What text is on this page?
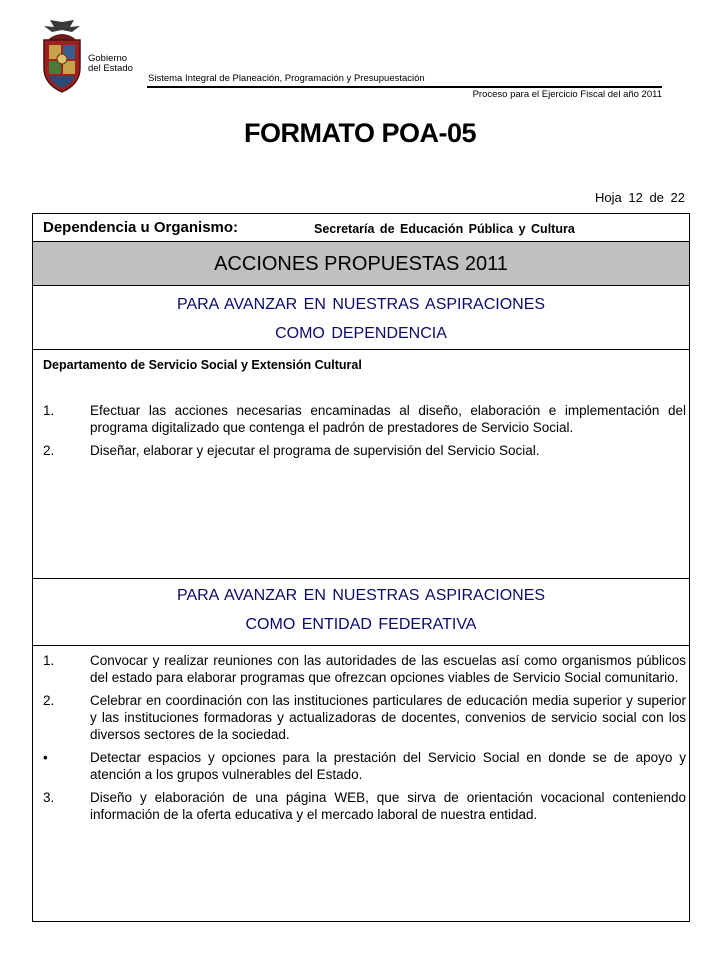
Gobierno
del Estado
Sistema Integral de Planeación, Programación y Presupuestación
Proceso para el Ejercicio Fiscal del año 2011
FORMATO POA-05
Hoja 12 de 22
Dependencia u Organismo:	Secretaría de Educación Pública y Cultura
ACCIONES PROPUESTAS 2011
PARA AVANZAR EN NUESTRAS ASPIRACIONES
COMO DEPENDENCIA
Departamento de Servicio Social y Extensión Cultural
1.	Efectuar las acciones necesarias encaminadas al diseño, elaboración e implementación del programa digitalizado que contenga el padrón de prestadores de Servicio Social.
2.	Diseñar, elaborar y ejecutar el programa de supervisión del Servicio Social.
PARA AVANZAR EN NUESTRAS ASPIRACIONES
COMO ENTIDAD FEDERATIVA
1.	Convocar y realizar reuniones con las autoridades de las escuelas así como organismos públicos del estado para elaborar programas que ofrezcan opciones viables de Servicio Social comunitario.
2.	Celebrar en coordinación con las instituciones particulares de educación media superior y superior y las instituciones formadoras y actualizadoras de docentes, convenios de servicio social con los diversos sectores de la sociedad.
•	Detectar espacios y opciones para la prestación del Servicio Social en donde se de apoyo y atención a los grupos vulnerables del Estado.
3.	Diseño y elaboración de una página WEB, que sirva de orientación vocacional conteniendo información de la oferta educativa y el mercado laboral de nuestra entidad.
